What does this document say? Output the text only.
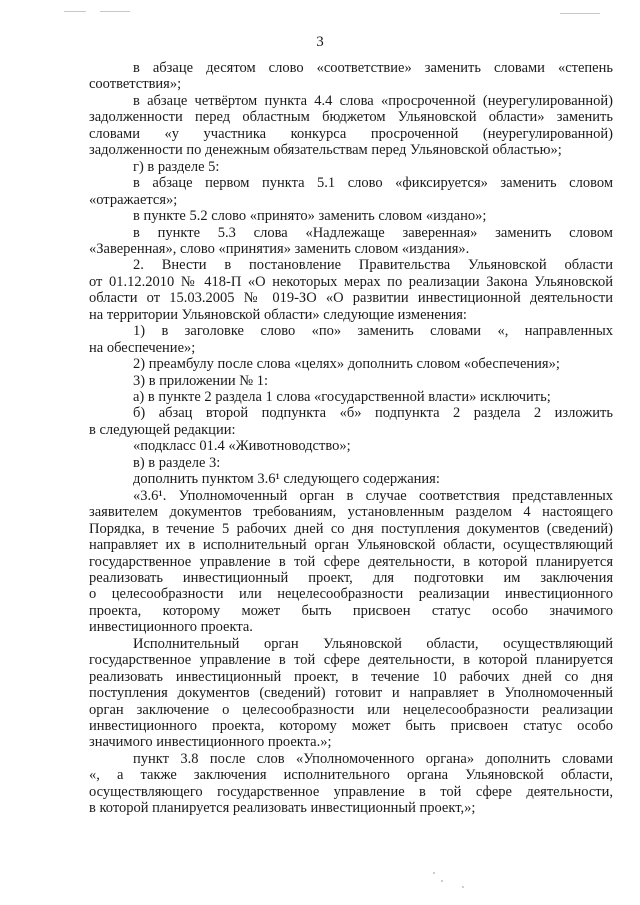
3
в абзаце десятом слово «соответствие» заменить словами «степень
соответствия»;
в абзаце четвёртом пункта 4.4 слова «просроченной (неурегулированной)
задолженности перед областным бюджетом Ульяновской области» заменить
словами «у участника конкурса просроченной (неурегулированной)
задолженности по денежным обязательствам перед Ульяновской областью»;
г) в разделе 5:
в абзаце первом пункта 5.1 слово «фиксируется» заменить словом
«отражается»;
в пункте 5.2 слово «принято» заменить словом «издано»;
в пункте 5.3 слова «Надлежаще заверенная» заменить словом
«Заверенная», слово «принятия» заменить словом «издания».
2. Внести в постановление Правительства Ульяновской области
от 01.12.2010 № 418-П «О некоторых мерах по реализации Закона Ульяновской
области от 15.03.2005 № 019-ЗО «О развитии инвестиционной деятельности
на территории Ульяновской области» следующие изменения:
1) в заголовке слово «по» заменить словами «, направленных
на обеспечение»;
2) преамбулу после слова «целях» дополнить словом «обеспечения»;
3) в приложении № 1:
а) в пункте 2 раздела 1 слова «государственной власти» исключить;
б) абзац второй подпункта «б» подпункта 2 раздела 2 изложить
в следующей редакции:
«подкласс 01.4 «Животноводство»;
в) в разделе 3:
дополнить пунктом 3.6¹ следующего содержания:
«3.6¹. Уполномоченный орган в случае соответствия представленных
заявителем документов требованиям, установленным разделом 4 настоящего
Порядка, в течение 5 рабочих дней со дня поступления документов (сведений)
направляет их в исполнительный орган Ульяновской области, осуществляющий
государственное управление в той сфере деятельности, в которой планируется
реализовать инвестиционный проект, для подготовки им заключения
о целесообразности или нецелесообразности реализации инвестиционного
проекта, которому может быть присвоен статус особо значимого
инвестиционного проекта.
Исполнительный орган Ульяновской области, осуществляющий
государственное управление в той сфере деятельности, в которой планируется
реализовать инвестиционный проект, в течение 10 рабочих дней со дня
поступления документов (сведений) готовит и направляет в Уполномоченный
орган заключение о целесообразности или нецелесообразности реализации
инвестиционного проекта, которому может быть присвоен статус особо
значимого инвестиционного проекта.»;
пункт 3.8 после слов «Уполномоченного органа» дополнить словами
«, а также заключения исполнительного органа Ульяновской области,
осуществляющего государственное управление в той сфере деятельности,
в которой планируется реализовать инвестиционный проект,»;
